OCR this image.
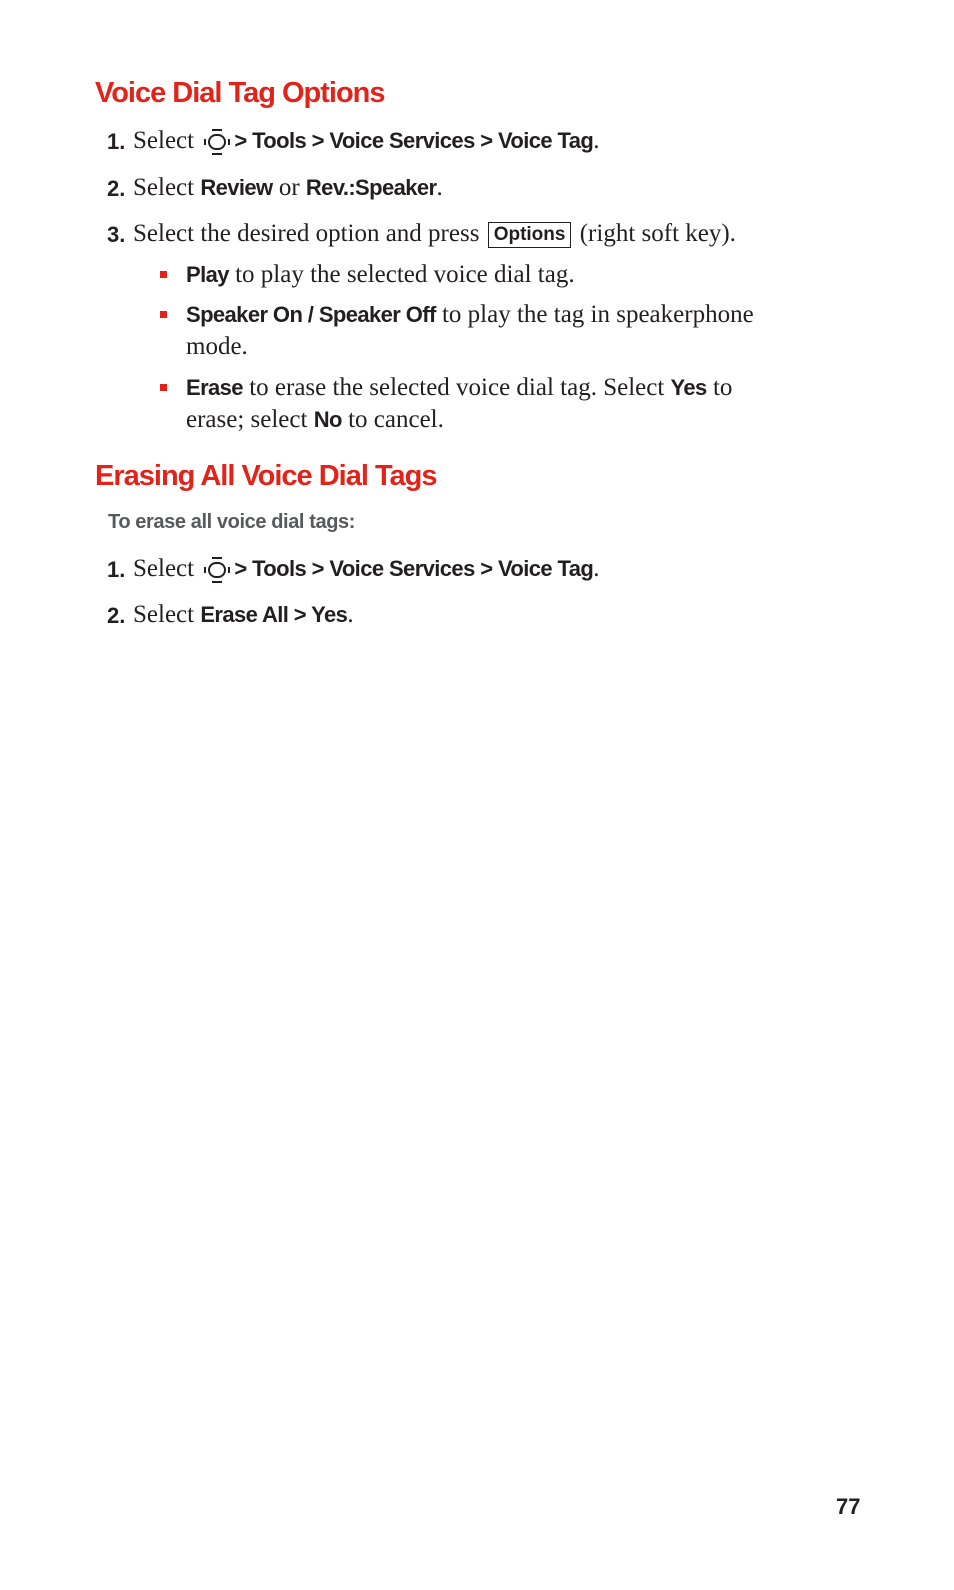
Voice Dial Tag Options
1. Select > Tools > Voice Services > Voice Tag.
2. Select Review or Rev.:Speaker.
3. Select the desired option and press Options (right soft key).
Play to play the selected voice dial tag.
Speaker On / Speaker Off to play the tag in speakerphone
mode.
Erase to erase the selected voice dial tag. Select Yes to
erase; select No to cancel.
Erasing All Voice Dial Tags
To erase all voice dial tags:
1. Select > Tools > Voice Services > Voice Tag.
2. Select Erase All > Yes.
77
